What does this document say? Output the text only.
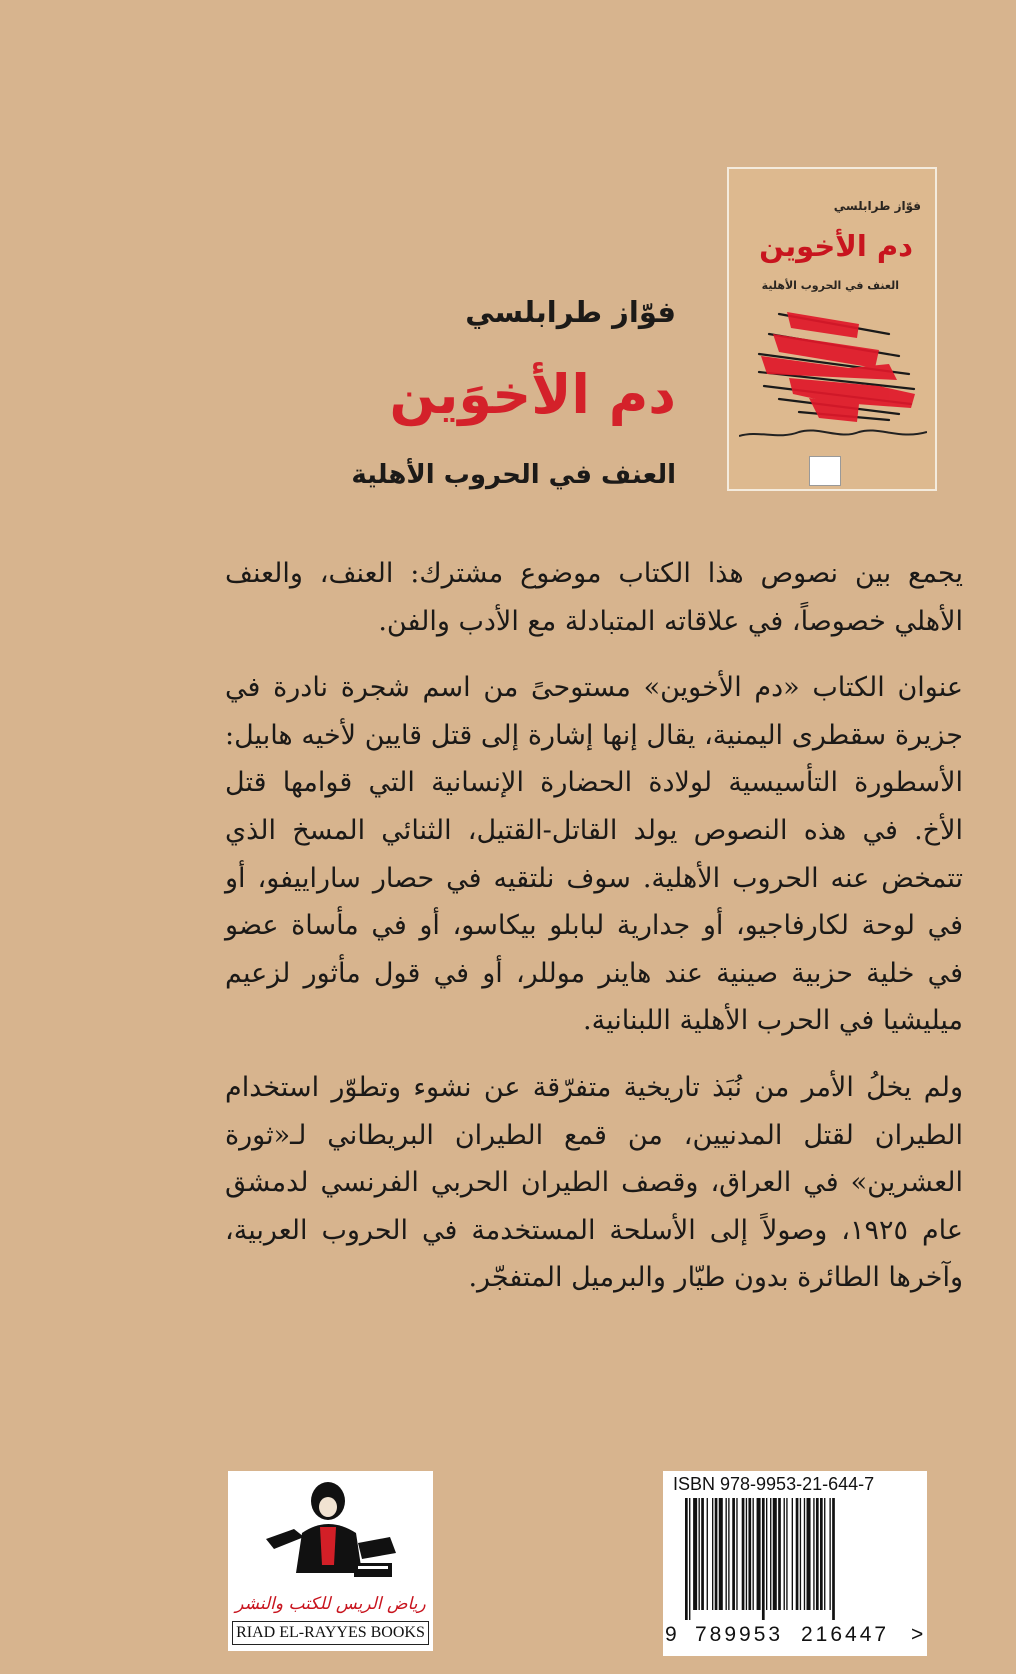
فوّاز طرابلسي
دم الأخوَين
العنف في الحروب الأهلية
فوّاز طرابلسي
دم الأخوين
العنف في الحروب الأهلية

يجمع بين نصوص هذا الكتاب موضوع مشترك: العنف، والعنف الأهلي خصوصاً، في علاقاته المتبادلة مع الأدب والفن.

عنوان الكتاب «دم الأخوين» مستوحىً من اسم شجرة نادرة في جزيرة سقطرى اليمنية، يقال إنها إشارة إلى قتل قايين لأخيه هابيل: الأسطورة التأسيسية لولادة الحضارة الإنسانية التي قوامها قتل الأخ. في هذه النصوص يولد القاتل-القتيل، الثنائي المسخ الذي تتمخض عنه الحروب الأهلية. سوف نلتقيه في حصار ساراييفو، أو في لوحة لكارفاجيو، أو جدارية لبابلو بيكاسو، أو في مأساة عضو في خلية حزبية صينية عند هاينر موللر، أو في قول مأثور لزعيم ميليشيا في الحرب الأهلية اللبنانية.

ولم يخلُ الأمر من نُبَذ تاريخية متفرّقة عن نشوء وتطوّر استخدام الطيران لقتل المدنيين، من قمع الطيران البريطاني لـ«ثورة العشرين» في العراق، وقصف الطيران الحربي الفرنسي لدمشق عام ١٩٢٥، وصولاً إلى الأسلحة المستخدمة في الحروب العربية، وآخرها الطائرة بدون طيّار والبرميل المتفجّر.

رياض الريس للكتب والنشر
RIAD EL-RAYYES BOOKS
ISBN 978-9953-21-644-7
9 789953 216447 >
